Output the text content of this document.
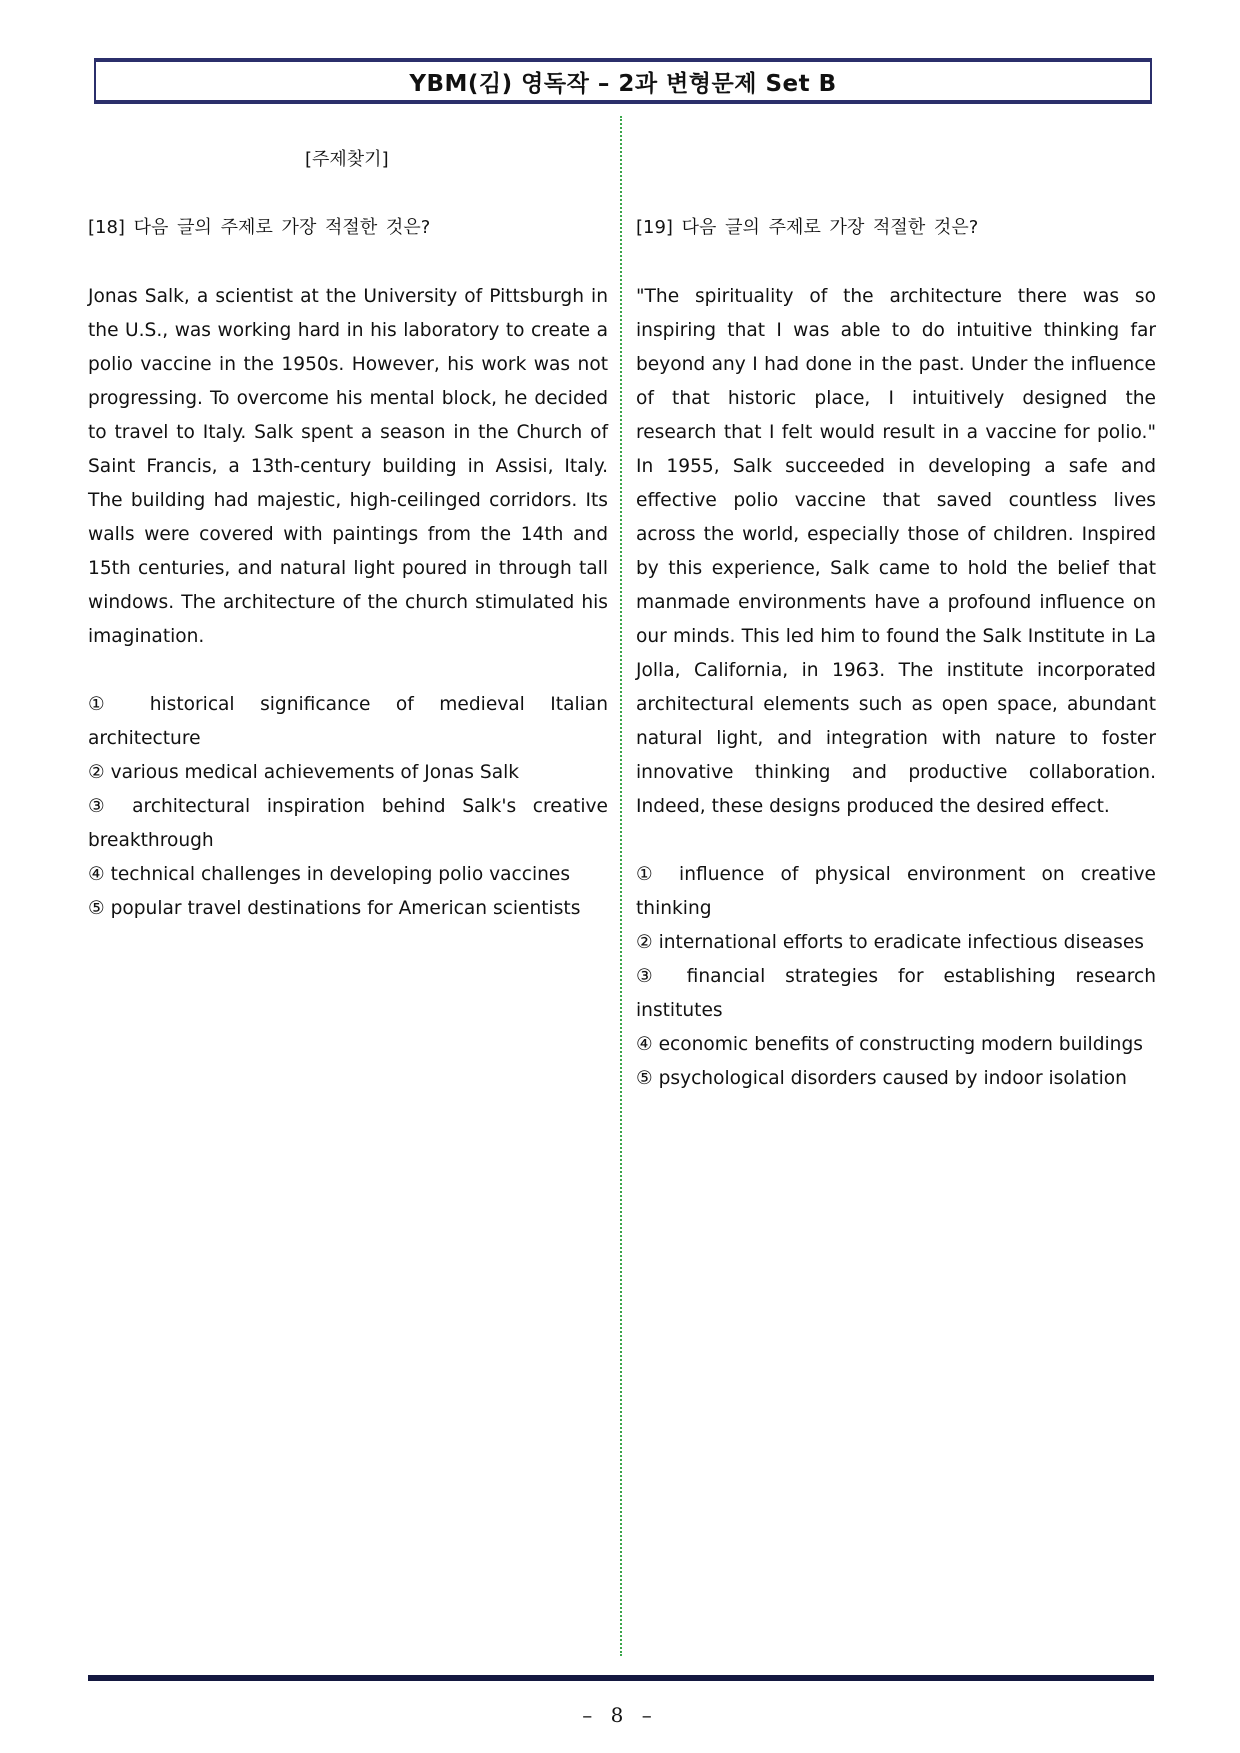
YBM(김) 영독작 – 2과 변형문제 Set B
[주제찾기]
[18] 다음 글의 주제로 가장 적절한 것은?

Jonas Salk, a scientist at the University of Pittsburgh in the U.S., was working hard in his laboratory to create a polio vaccine in the 1950s. However, his work was not progressing. To overcome his mental block, he decided to travel to Italy. Salk spent a season in the Church of Saint Francis, a 13th-century building in Assisi, Italy. The building had majestic, high-ceilinged corridors. Its walls were covered with paintings from the 14th and 15th centuries, and natural light poured in through tall windows. The architecture of the church stimulated his imagination.

① historical significance of medieval Italian architecture
② various medical achievements of Jonas Salk
③ architectural inspiration behind Salk's creative breakthrough
④ technical challenges in developing polio vaccines
⑤ popular travel destinations for American scientists
[19] 다음 글의 주제로 가장 적절한 것은?

"The spirituality of the architecture there was so inspiring that I was able to do intuitive thinking far beyond any I had done in the past. Under the influence of that historic place, I intuitively designed the research that I felt would result in a vaccine for polio." In 1955, Salk succeeded in developing a safe and effective polio vaccine that saved countless lives across the world, especially those of children. Inspired by this experience, Salk came to hold the belief that manmade environments have a profound influence on our minds. This led him to found the Salk Institute in La Jolla, California, in 1963. The institute incorporated architectural elements such as open space, abundant natural light, and integration with nature to foster innovative thinking and productive collaboration. Indeed, these designs produced the desired effect.

① influence of physical environment on creative thinking
② international efforts to eradicate infectious diseases
③ financial strategies for establishing research institutes
④ economic benefits of constructing modern buildings
⑤ psychological disorders caused by indoor isolation
– 8 –
